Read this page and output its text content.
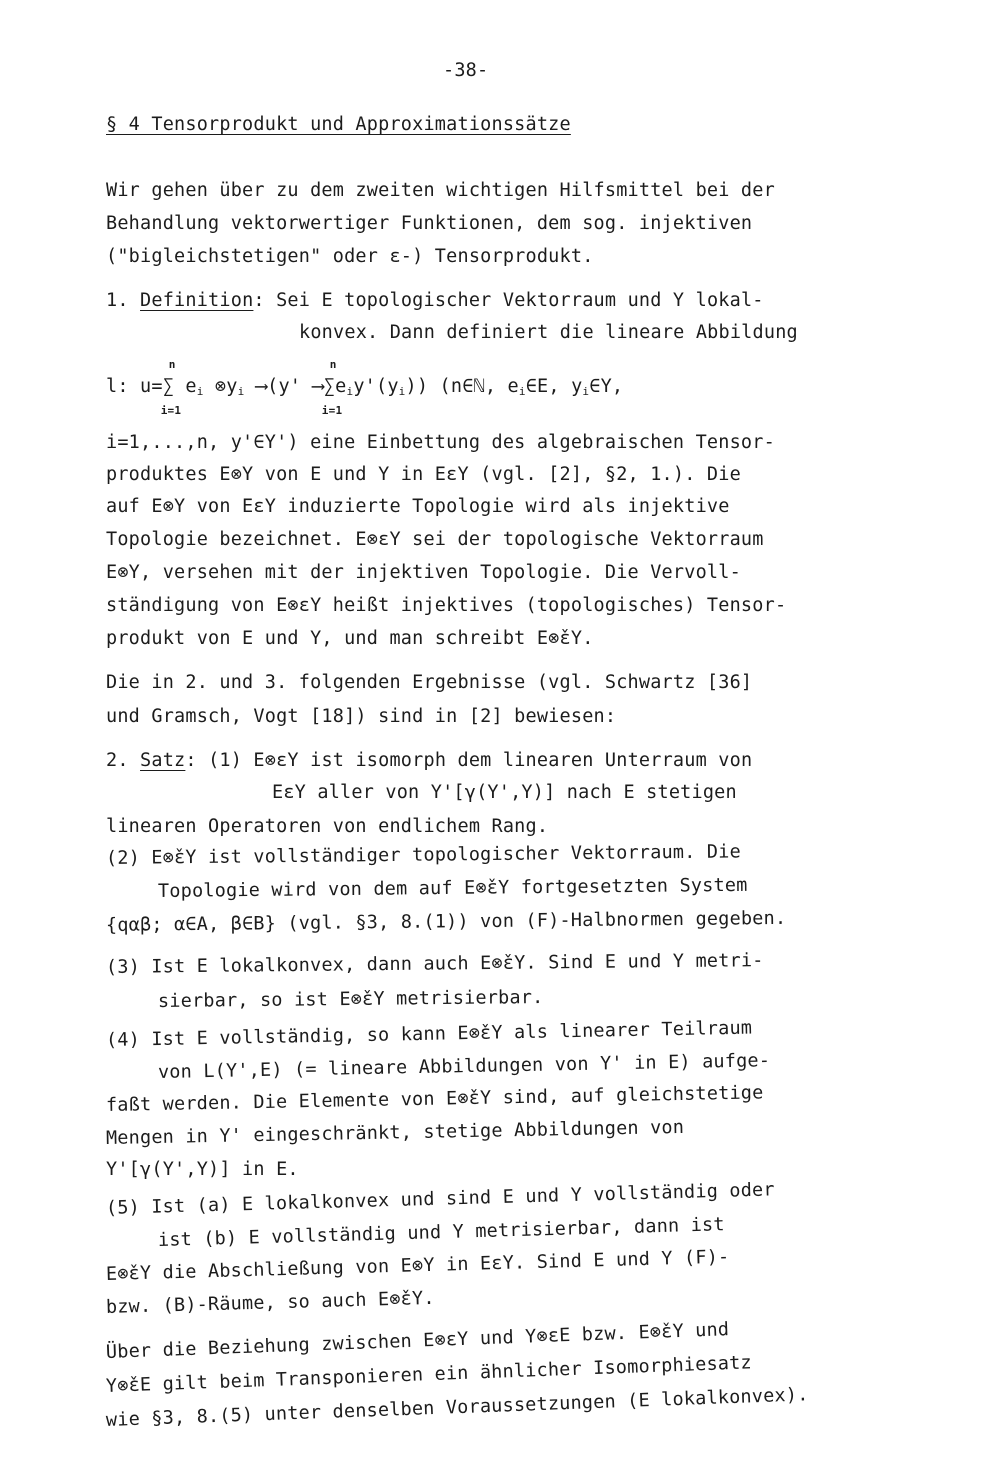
-38-
§ 4 Tensorprodukt und Approximationssätze
Wir gehen über zu dem zweiten wichtigen Hilfsmittel bei der
Behandlung vektorwertiger Funktionen, dem sog. injektiven
("bigleichstetigen" oder ε-) Tensorprodukt.
1. Definition: Sei E topologischer Vektorraum und Y lokal-
konvex. Dann definiert die lineare Abbildung
l: u=∑
n
i=1
$e_i$ $\otimes y_i$ ⟶(y' ⟶∑
n
i=1
$e_iy'(y_i)$) (n∈ℕ, $e_i\in E$, $y_i\in Y$,
i=1,...,n, y'∈Y') eine Einbettung des algebraischen Tensor-
produktes E⊗Y von E und Y in EεY (vgl. [2], §2, 1.). Die
auf E⊗Y von EεY induzierte Topologie wird als injektive
Topologie bezeichnet. E⊗εY sei der topologische Vektorraum
E⊗Y, versehen mit der injektiven Topologie. Die Vervoll-
ständigung von E⊗εY heißt injektives (topologisches) Tensor-
produkt von E und Y, und man schreibt E⊗̌εY.
Die in 2. und 3. folgenden Ergebnisse (vgl. Schwartz [36]
und Gramsch, Vogt [18]) sind in [2] bewiesen:
2. Satz: (1) E⊗εY ist isomorph dem linearen Unterraum von
EεY aller von Y'[γ(Y',Y)] nach E stetigen
linearen Operatoren von endlichem Rang.
(2) E⊗̌εY ist vollständiger topologischer Vektorraum. Die
Topologie wird von dem auf E⊗̌εY fortgesetzten System
{qαβ; α∈A, β∈B} (vgl. §3, 8.(1)) von (F)-Halbnormen gegeben.
(3) Ist E lokalkonvex, dann auch E⊗̌εY. Sind E und Y metri-
sierbar, so ist E⊗̌εY metrisierbar.
(4) Ist E vollständig, so kann E⊗̌εY als linearer Teilraum
von L(Y',E) (= lineare Abbildungen von Y' in E) aufge-
faßt werden. Die Elemente von E⊗̌εY sind, auf gleichstetige
Mengen in Y' eingeschränkt, stetige Abbildungen von
Y'[γ(Y',Y)] in E.
(5) Ist (a) E lokalkonvex und sind E und Y vollständig oder
ist (b) E vollständig und Y metrisierbar, dann ist
E⊗̌εY die Abschließung von E⊗Y in EεY. Sind E und Y (F)-
bzw. (B)-Räume, so auch E⊗̌εY.
Über die Beziehung zwischen E⊗εY und Y⊗εE bzw. E⊗̌εY und
Y⊗̌εE gilt beim Transponieren ein ähnlicher Isomorphiesatz
wie §3, 8.(5) unter denselben Voraussetzungen (E lokalkonvex).
